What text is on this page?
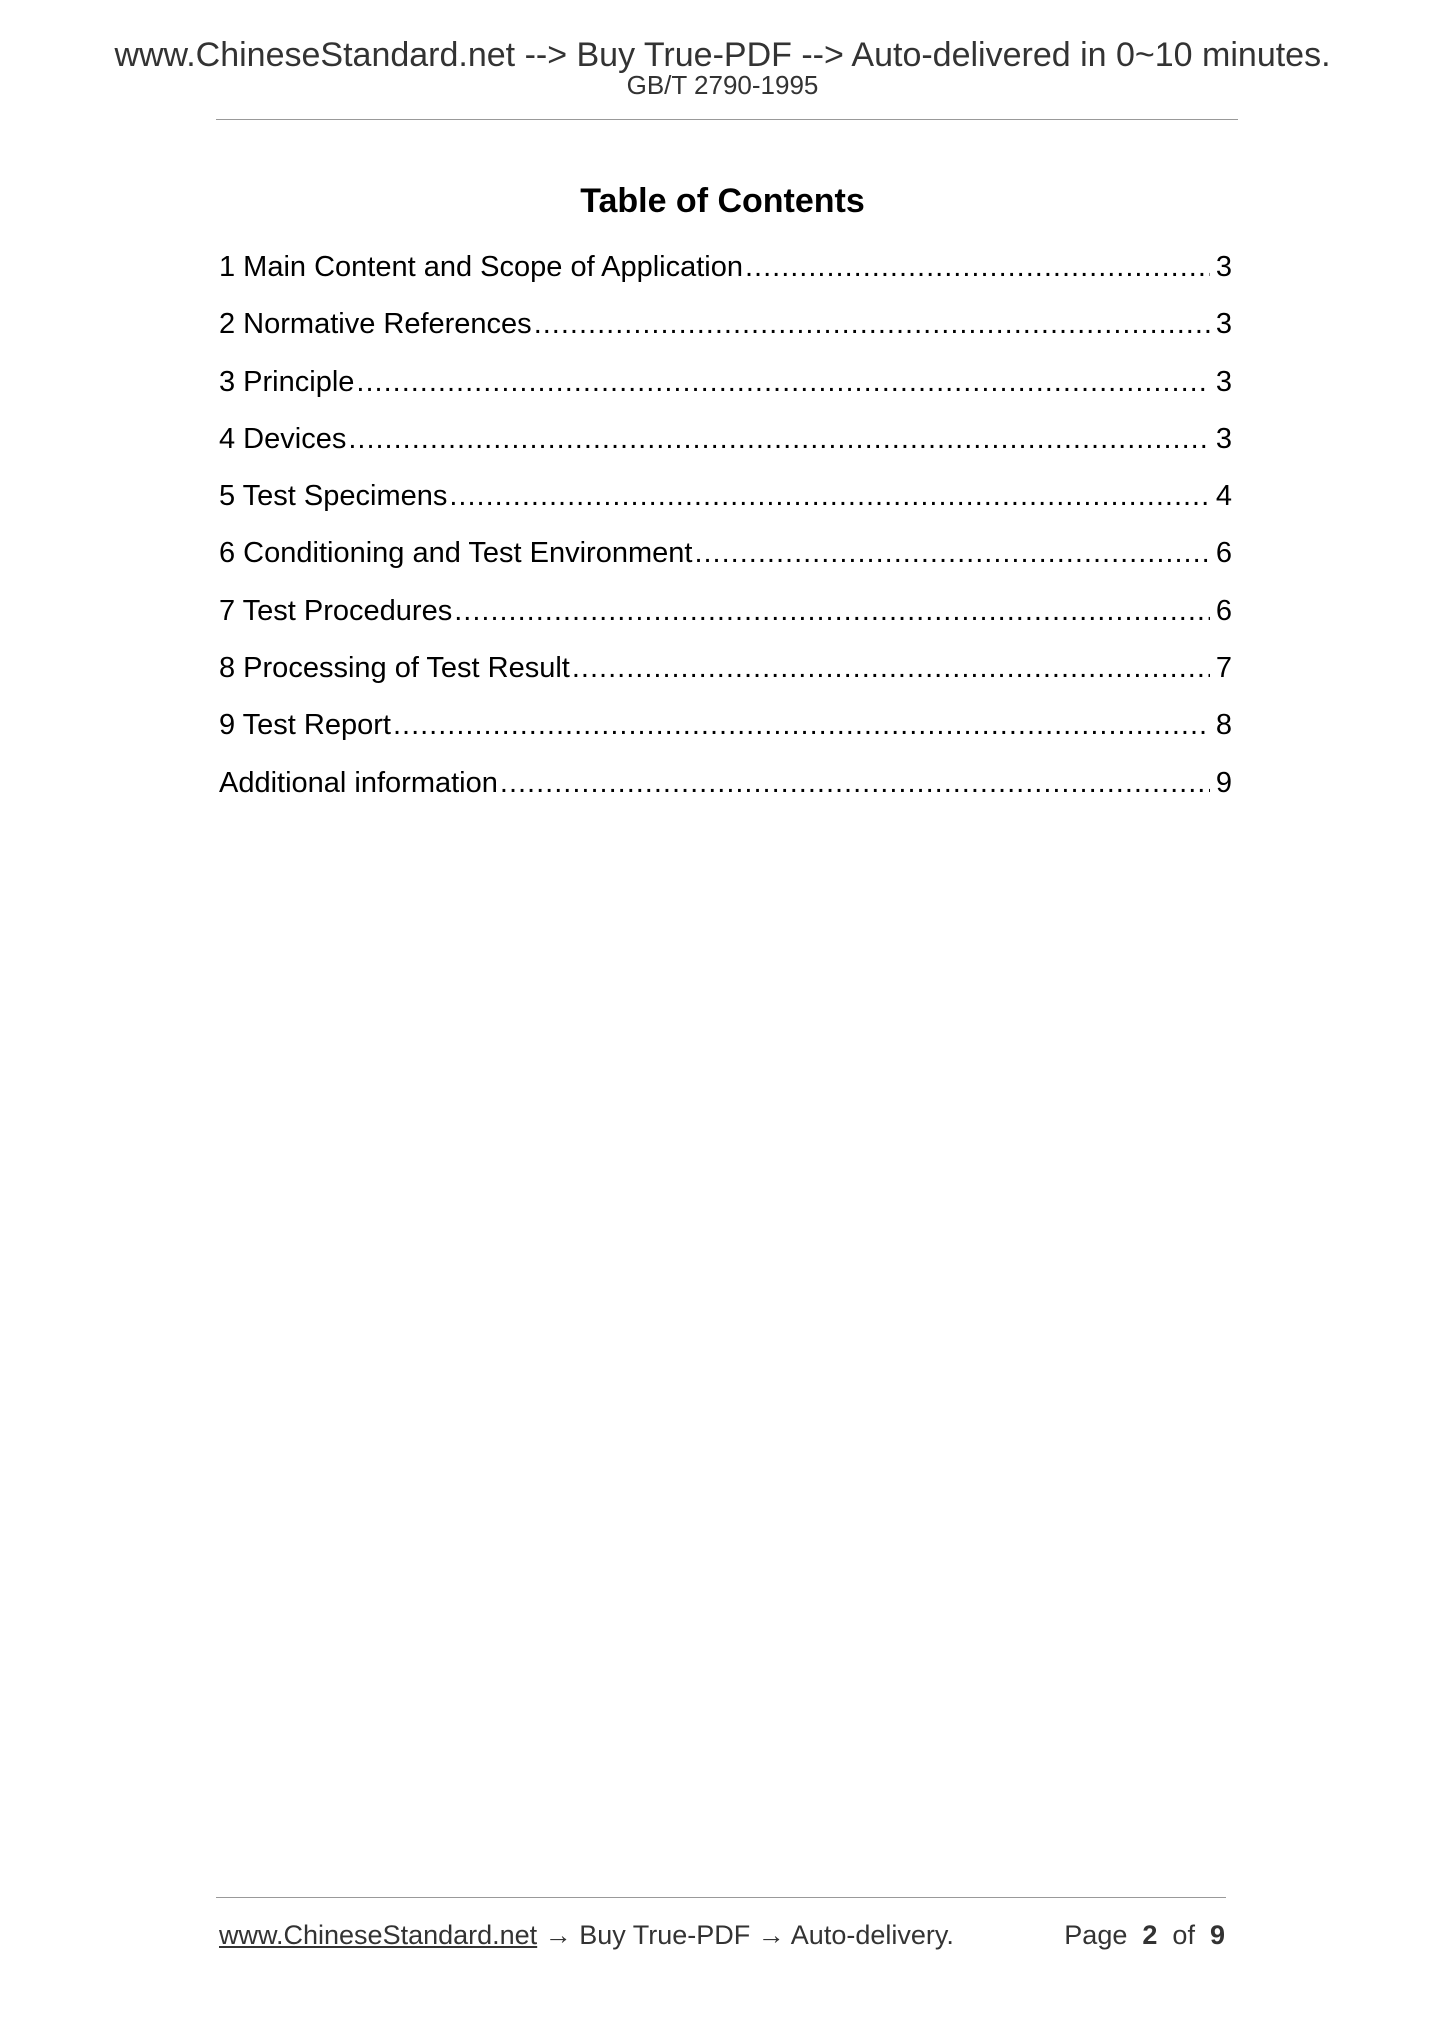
www.ChineseStandard.net --> Buy True-PDF --> Auto-delivered in 0~10 minutes.
GB/T 2790-1995
Table of Contents
1 Main Content and Scope of Application .....	3
2 Normative References .....	3
3 Principle .....	3
4 Devices .....	3
5 Test Specimens .....	4
6 Conditioning and Test Environment .....	6
7 Test Procedures .....	6
8 Processing of Test Result .....	7
9 Test Report .....	8
Additional information .....	9
www.ChineseStandard.net → Buy True-PDF → Auto-delivery.	Page 2 of 9
